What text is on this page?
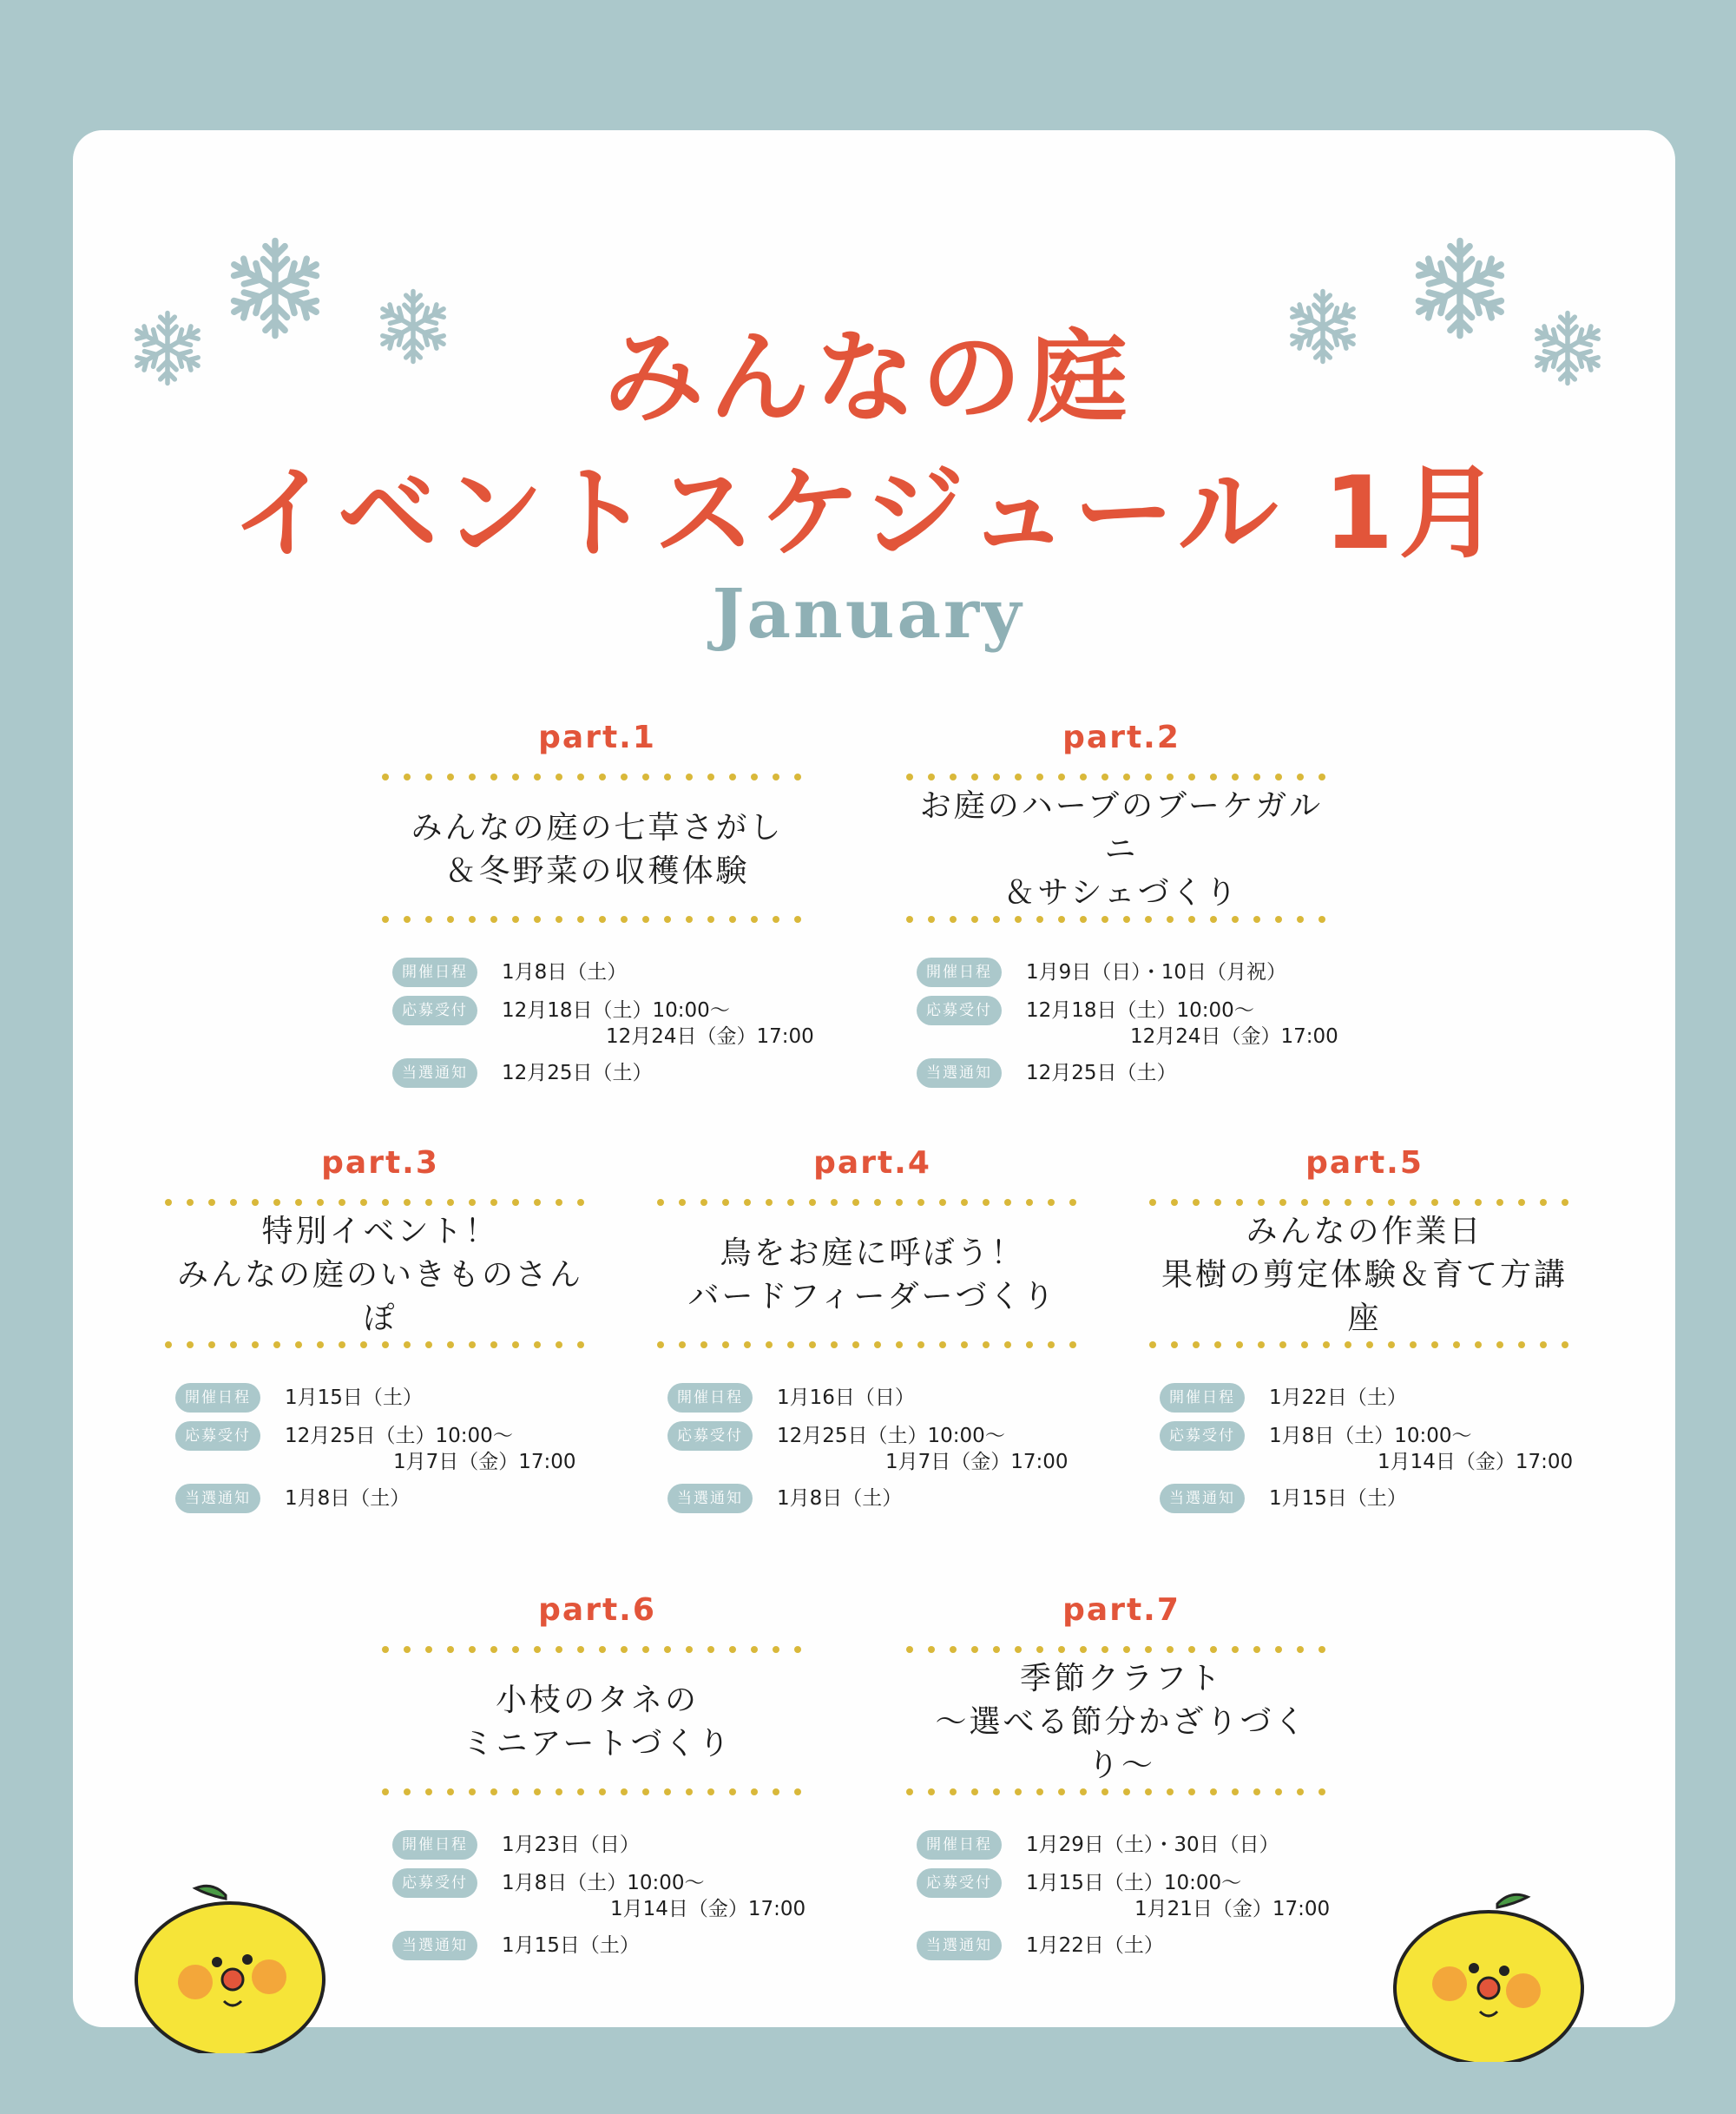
みんなの庭
イベントスケジュール 1月
January
part.1
みんなの庭の七草さがし
＆冬野菜の収穫体験
開催日程	1月8日（土）
応募受付	12月18日（土）10:00〜
12月24日（金）17:00
当選通知	12月25日（土）
part.2
お庭のハーブのブーケガルニ
＆サシェづくり
開催日程	1月9日（日）・10日（月祝）
応募受付	12月18日（土）10:00〜
12月24日（金）17:00
当選通知	12月25日（土）
part.3
特別イベント！
みんなの庭のいきものさんぽ
開催日程	1月15日（土）
応募受付	12月25日（土）10:00〜
1月7日（金）17:00
当選通知	1月8日（土）
part.4
鳥をお庭に呼ぼう！
バードフィーダーづくり
開催日程	1月16日（日）
応募受付	12月25日（土）10:00〜
1月7日（金）17:00
当選通知	1月8日（土）
part.5
みんなの作業日
果樹の剪定体験＆育て方講座
開催日程	1月22日（土）
応募受付	1月8日（土）10:00〜
1月14日（金）17:00
当選通知	1月15日（土）
part.6
小枝のタネの
ミニアートづくり
開催日程	1月23日（日）
応募受付	1月8日（土）10:00〜
1月14日（金）17:00
当選通知	1月15日（土）
part.7
季節クラフト
〜選べる節分かざりづくり〜
開催日程	1月29日（土）・30日（日）
応募受付	1月15日（土）10:00〜
1月21日（金）17:00
当選通知	1月22日（土）
